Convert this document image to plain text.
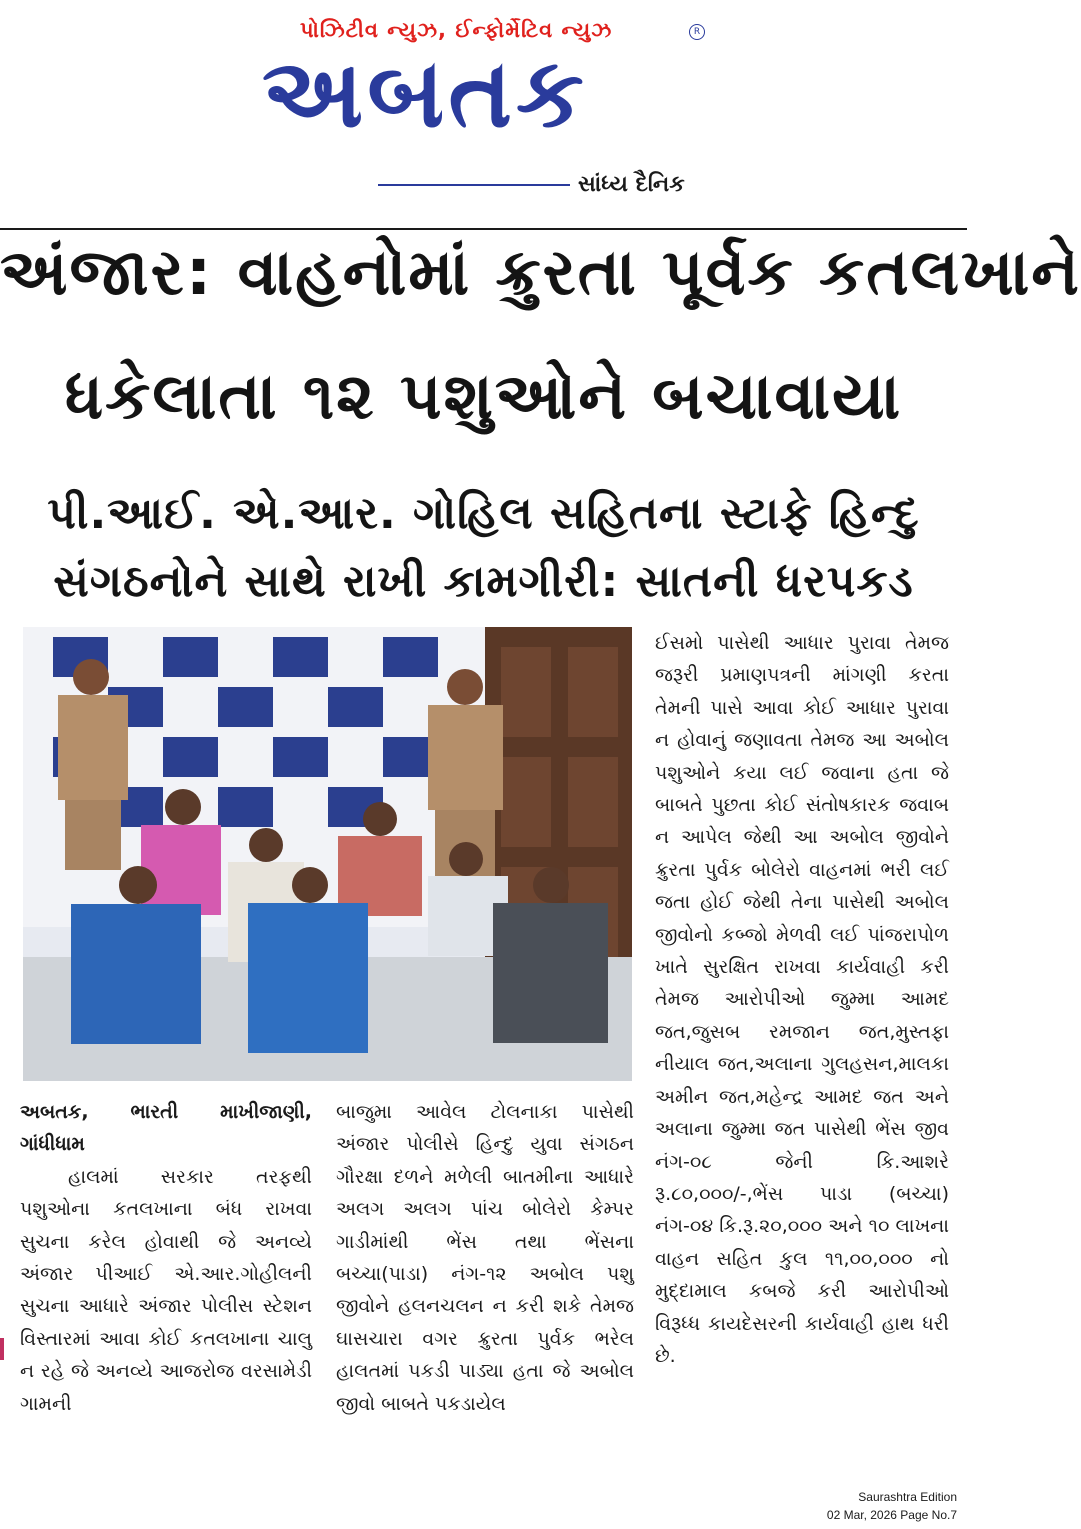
પોઝિટીવ ન્યુઝ, ઈન્ફોર્મેટિવ ન્યુઝ	R
અબતક
સાંધ્ય દૈનિક
અંજાર: વાહનોમાં ક્રુરતા પૂર્વક કતલખાને
ધકેલાતા ૧૨ પશુઓને બચાવાયા
પી.આઈ. એ.આર. ગોહિલ સહિતના સ્ટાફે હિન્દુ
સંગઠનોને સાથે રાખી કામગીરી: સાતની ધરપકડ

અબતક, ભારતી માખીજાણી, ગાંધીધામ

હાલમાં સરકાર તરફથી પશુઓના કતલખાના બંધ રાખવા સુચના કરેલ હોવાથી જે અનવ્યે અંજાર પીઆઈ એ.આર.ગોહીલની સુચના આધારે અંજાર પોલીસ સ્ટેશન વિસ્તારમાં આવા કોઈ કતલખાના ચાલુ ન રહે જે અનવ્યે આજરોજ વરસામેડી ગામની

બાજુમા આવેલ ટોલનાકા પાસેથી અંજાર પોલીસે હિન્દુ યુવા સંગઠન ગૌરક્ષા દળને મળેલી બાતમીના આધારે અલગ અલગ પાંચ બોલેરો કેમ્પર ગાડીમાંથી ભેંસ તથા ભેંસના બચ્ચા(પાડા) નંગ-૧૨ અબોલ પશુ જીવોને હલનચલન ન કરી શકે તેમજ ઘાસચારા વગર ક્રુરતા પુર્વક ભરેલ હાલતમાં પકડી પાડ્યા હતા જે અબોલ જીવો બાબતે પકડાયેલ

ઈસમો પાસેથી આધાર પુરાવા તેમજ જરૂરી પ્રમાણપત્રની માંગણી કરતા તેમની પાસે આવા કોઈ આધાર પુરાવા ન હોવાનું જણાવતા તેમજ આ અબોલ પશુઓને કયા લઈ જવાના હતા જે બાબતે પુછતા કોઈ સંતોષકારક જવાબ ન આપેલ જેથી આ અબોલ જીવોને ક્રુરતા પુર્વક બોલેરો વાહનમાં ભરી લઈ જતા હોઈ જેથી તેના પાસેથી અબોલ જીવોનો કબ્જો મેળવી લઈ પાંજરાપોળ ખાતે સુરક્ષિત રાખવા કાર્યવાહી કરી તેમજ આરોપીઓ જુમ્મા આમદ જત,જુસબ રમજાન જત,મુસ્તફા નીયાલ જત,અલાના ગુલહસન,માલકા અમીન જત,મહેન્દ્ર આમદ જત અને અલાના જુમ્મા જત પાસેથી ભેંસ જીવ નંગ-૦૮ જેની કિ.આશરે રૂ.૮૦,૦૦૦/-,ભેંસ પાડા (બચ્ચા) નંગ-૦૪ કિ.રૂ.૨૦,૦૦૦ અને ૧૦ લાખના વાહન સહિત કુલ ૧૧,૦૦,૦૦૦ નો મુદ્દામાલ કબજે કરી આરોપીઓ વિરૂધ્ધ કાયદેસરની કાર્યવાહી હાથ ધરી છે.

Saurashtra Edition
02 Mar, 2026 Page No.7
